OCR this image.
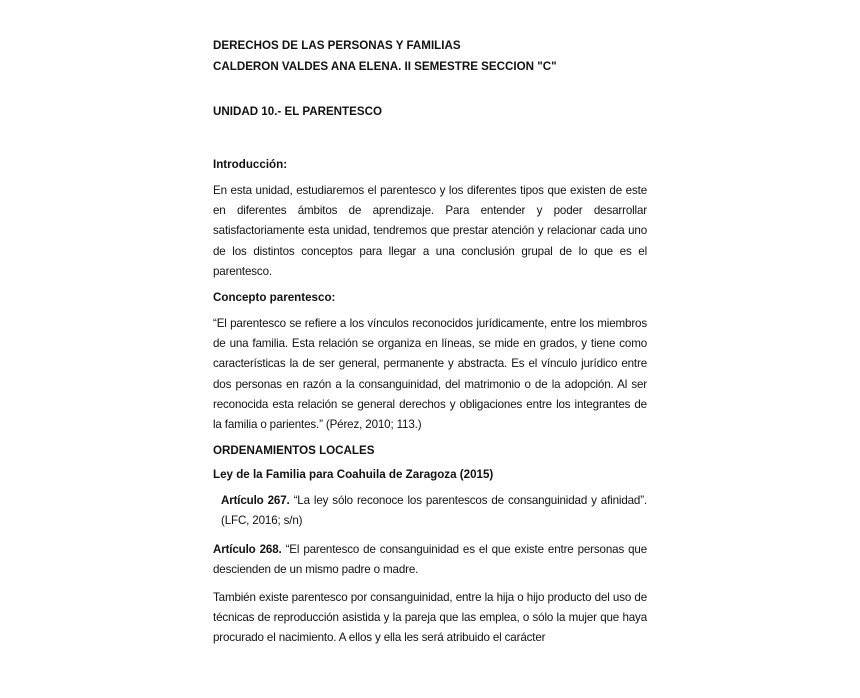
DERECHOS DE LAS PERSONAS Y FAMILIAS

CALDERON VALDES ANA ELENA. II SEMESTRE SECCION "C"

UNIDAD 10.- EL PARENTESCO

Introducción:

En esta unidad, estudiaremos el parentesco y los diferentes tipos que existen de este en diferentes ámbitos de aprendizaje. Para entender y poder desarrollar satisfactoriamente esta unidad, tendremos que prestar atención y relacionar cada uno de los distintos conceptos para llegar a una conclusión grupal de lo que es el parentesco.

Concepto parentesco:

“El parentesco se refiere a los vínculos reconocidos jurídicamente, entre los miembros de una familia. Esta relación se organiza en líneas, se mide en grados, y tiene como características la de ser general, permanente y abstracta. Es el vínculo jurídico entre dos personas en razón a la consanguinidad, del matrimonio o de la adopción. Al ser reconocida esta relación se general derechos y obligaciones entre los integrantes de la familia o parientes.” (Pérez, 2010; 113.)

ORDENAMIENTOS LOCALES

Ley de la Familia para Coahuila de Zaragoza (2015)

Artículo 267. “La ley sólo reconoce los parentescos de consanguinidad y afinidad”. (LFC, 2016; s/n)

Artículo 268. “El parentesco de consanguinidad es el que existe entre personas que descienden de un mismo padre o madre.

También existe parentesco por consanguinidad, entre la hija o hijo producto del uso de técnicas de reproducción asistida y la pareja que las emplea, o sólo la mujer que haya procurado el nacimiento. A ellos y ella les será atribuido el carácter
